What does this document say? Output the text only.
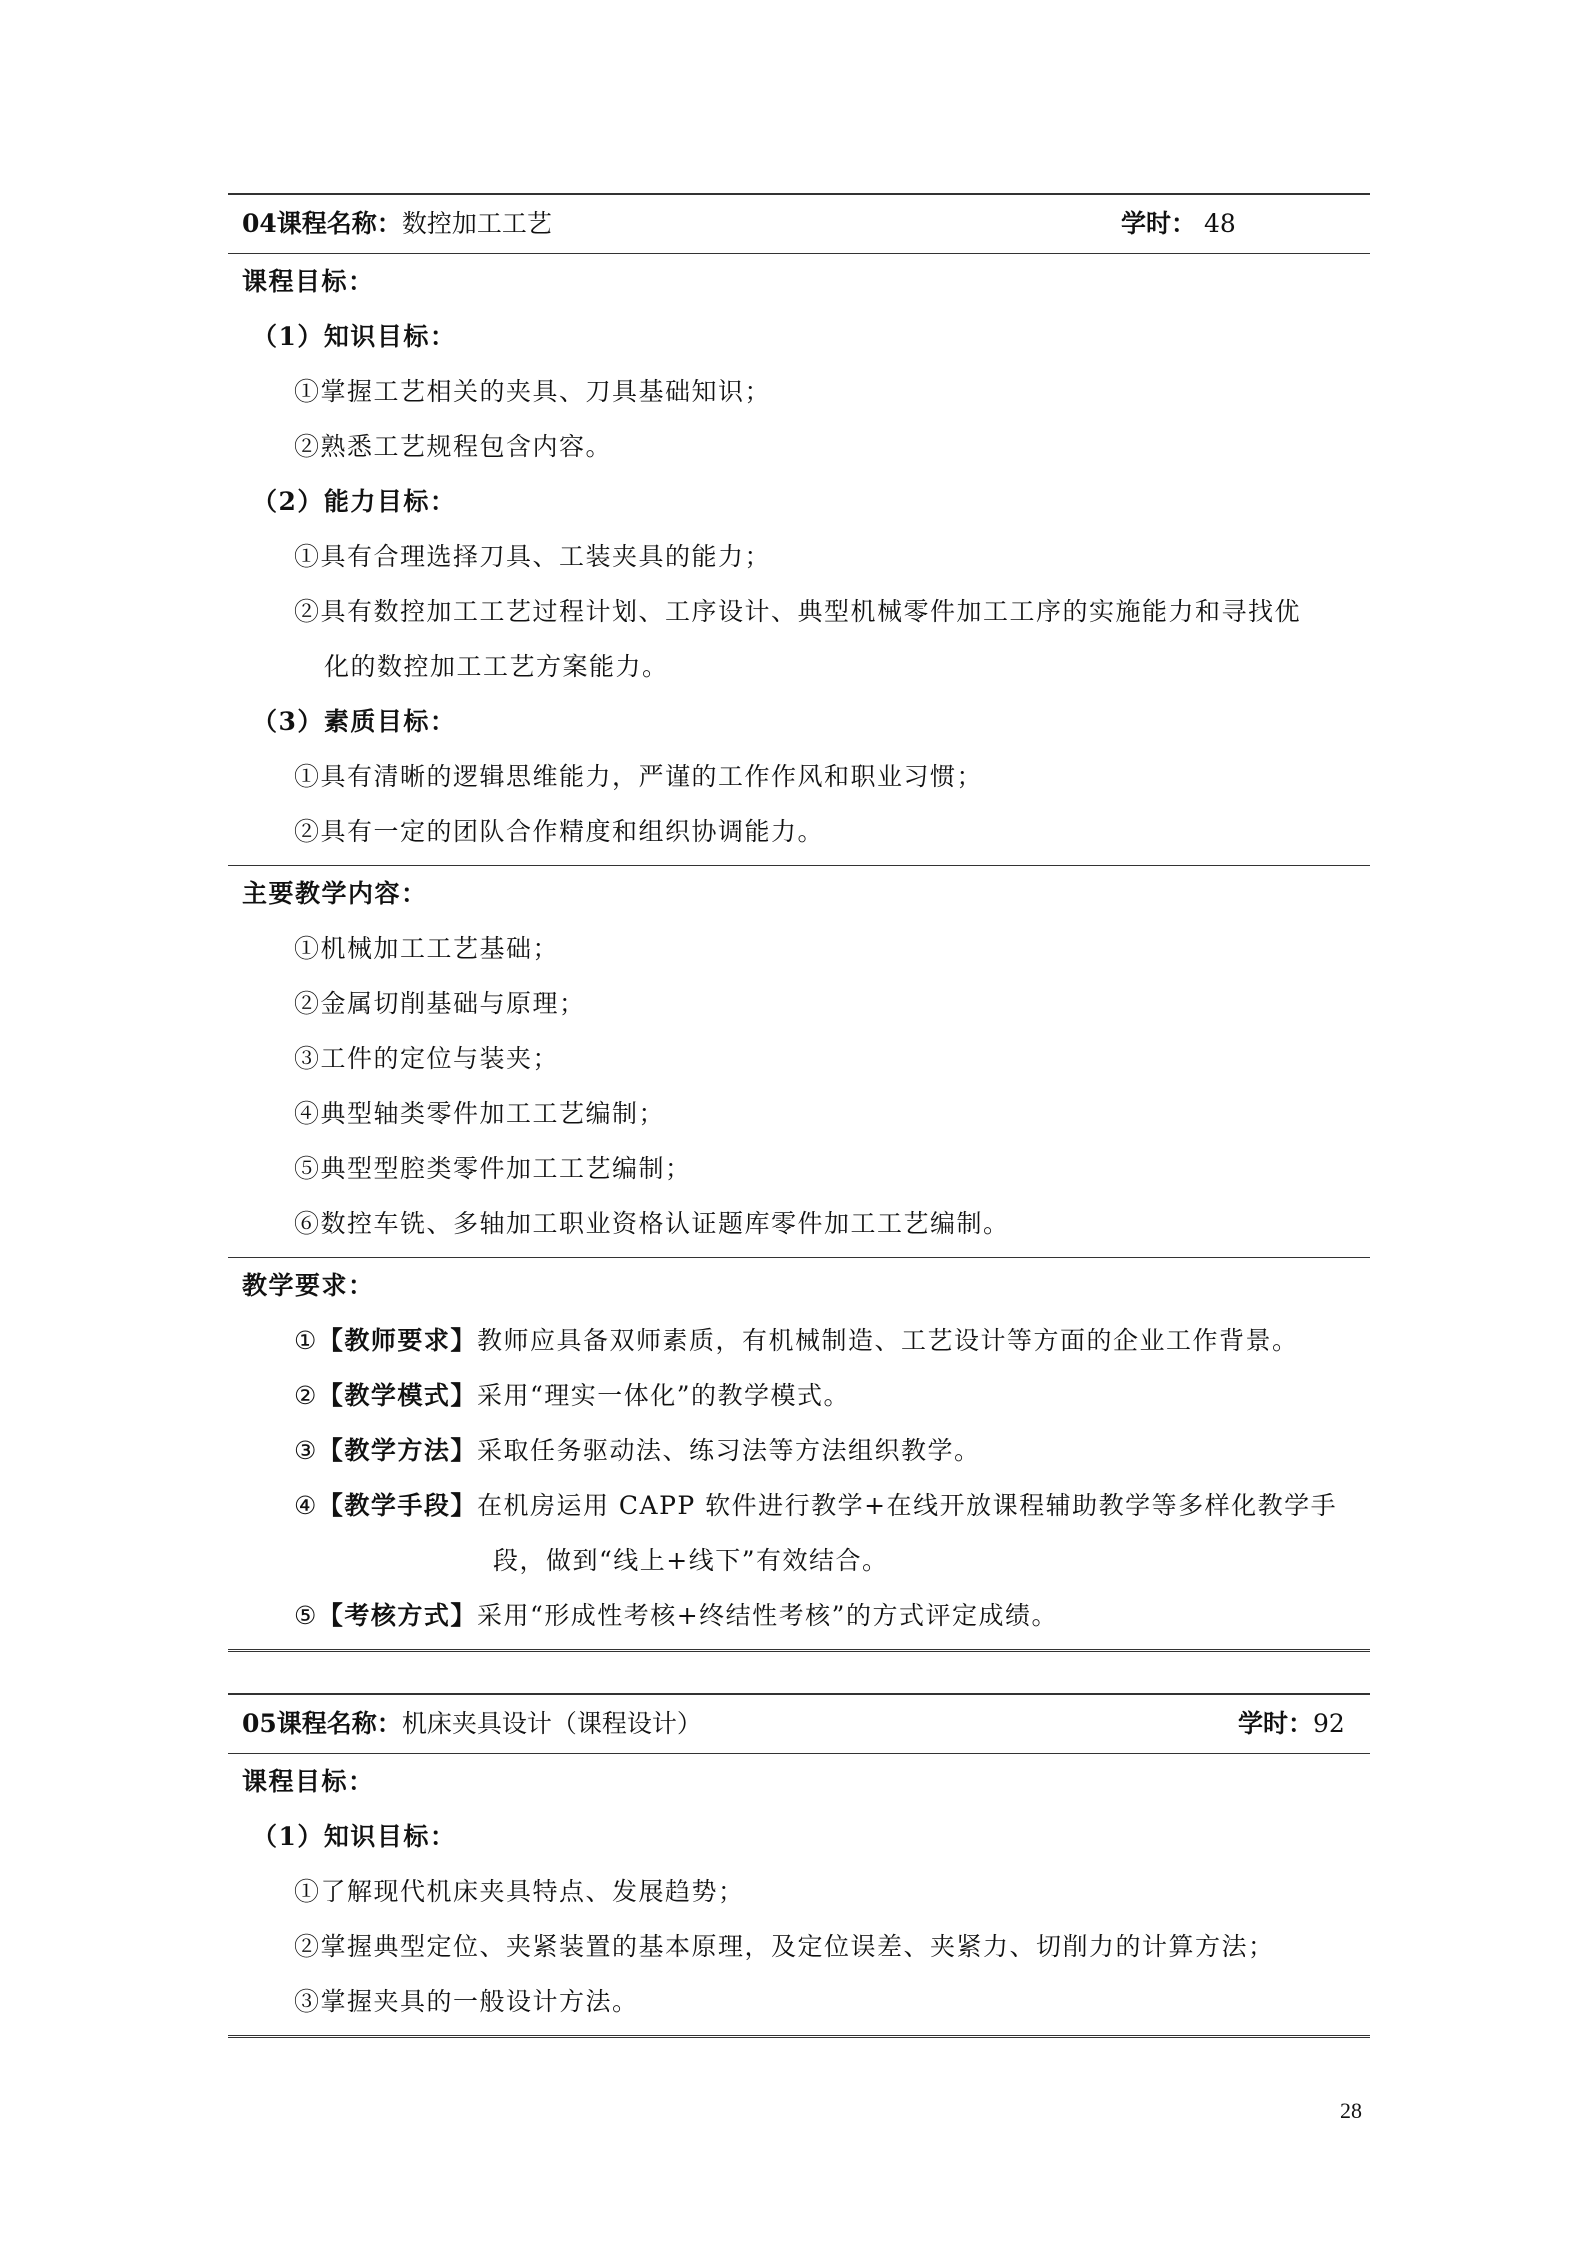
04课程名称：数控加工工艺	学时： 48
课程目标：
（1）知识目标：
①掌握工艺相关的夹具、刀具基础知识；
②熟悉工艺规程包含内容。
（2）能力目标：
①具有合理选择刀具、工装夹具的能力；
②具有数控加工工艺过程计划、工序设计、典型机械零件加工工序的实施能力和寻找优
化的数控加工工艺方案能力。
（3）素质目标：
①具有清晰的逻辑思维能力，严谨的工作作风和职业习惯；
②具有一定的团队合作精度和组织协调能力。
主要教学内容：
①机械加工工艺基础；
②金属切削基础与原理；
③工件的定位与装夹；
④典型轴类零件加工工艺编制；
⑤典型型腔类零件加工工艺编制；
⑥数控车铣、多轴加工职业资格认证题库零件加工工艺编制。
教学要求：
①【教师要求】教师应具备双师素质，有机械制造、工艺设计等方面的企业工作背景。
②【教学模式】采用“理实一体化”的教学模式。
③【教学方法】采取任务驱动法、练习法等方法组织教学。
④【教学手段】在机房运用 CAPP 软件进行教学+在线开放课程辅助教学等多样化教学手
段，做到“线上+线下”有效结合。
⑤【考核方式】采用“形成性考核+终结性考核”的方式评定成绩。
05课程名称：机床夹具设计（课程设计）	学时：92
课程目标：
（1）知识目标：
①了解现代机床夹具特点、发展趋势；
②掌握典型定位、夹紧装置的基本原理，及定位误差、夹紧力、切削力的计算方法；
③掌握夹具的一般设计方法。
28
